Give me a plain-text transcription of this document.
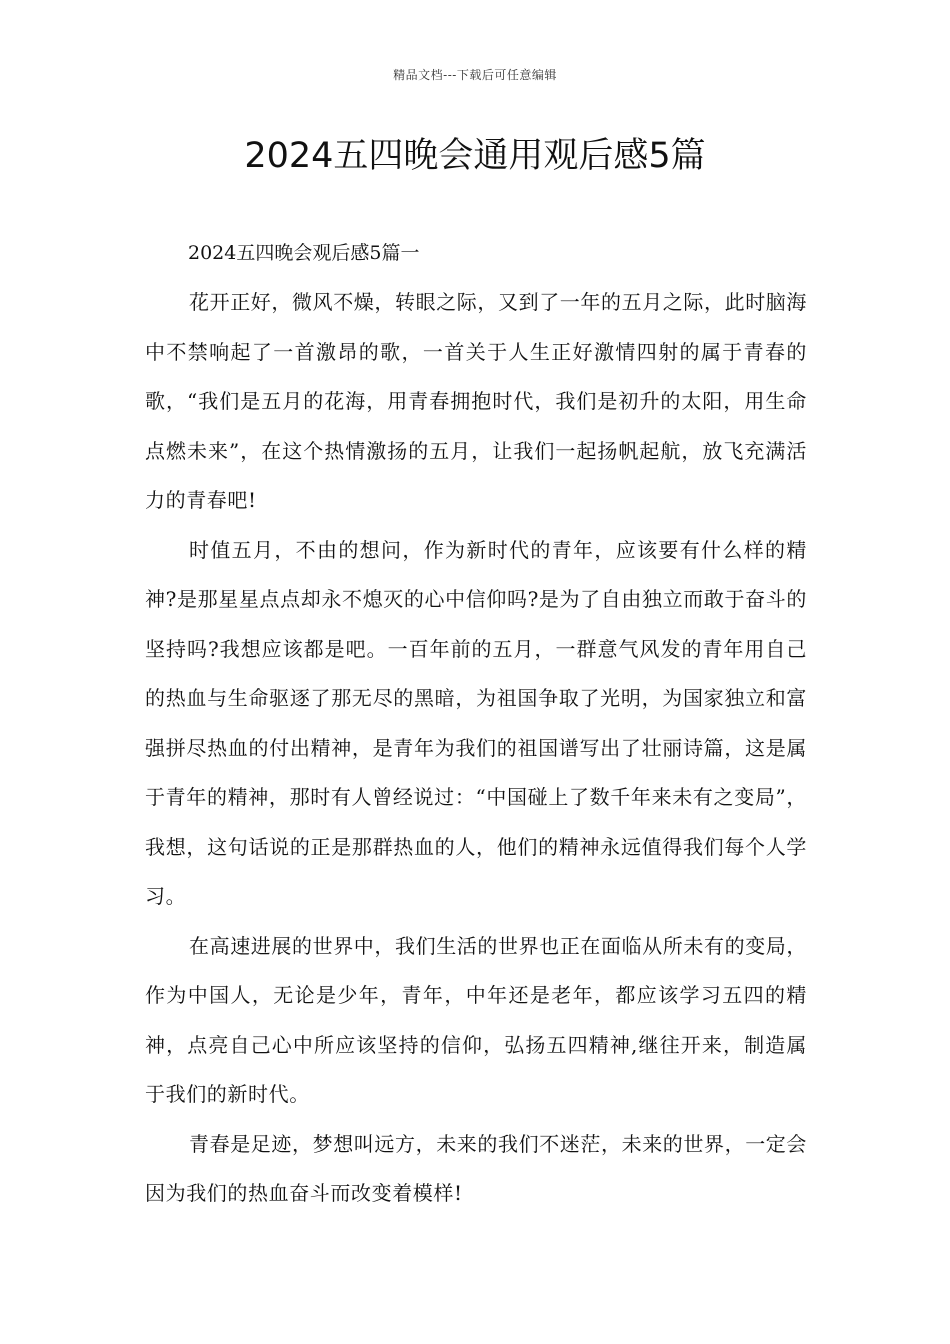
精品文档---下载后可任意编辑
2024五四晚会通用观后感5篇

2024五四晚会观后感5篇一

花开正好，微风不燥，转眼之际，又到了一年的五月之际，此时脑海中不禁响起了一首激昂的歌，一首关于人生正好激情四射的属于青春的歌，“我们是五月的花海，用青春拥抱时代，我们是初升的太阳，用生命点燃未来”，在这个热情激扬的五月，让我们一起扬帆起航，放飞充满活力的青春吧!

时值五月，不由的想问，作为新时代的青年，应该要有什么样的精神?是那星星点点却永不熄灭的心中信仰吗?是为了自由独立而敢于奋斗的坚持吗?我想应该都是吧。一百年前的五月，一群意气风发的青年用自己的热血与生命驱逐了那无尽的黑暗，为祖国争取了光明，为国家独立和富强拼尽热血的付出精神，是青年为我们的祖国谱写出了壮丽诗篇，这是属于青年的精神，那时有人曾经说过：“中国碰上了数千年来未有之变局”，我想，这句话说的正是那群热血的人，他们的精神永远值得我们每个人学习。

在高速进展的世界中，我们生活的世界也正在面临从所未有的变局，作为中国人，无论是少年，青年，中年还是老年，都应该学习五四的精神，点亮自己心中所应该坚持的信仰，弘扬五四精神,继往开来，制造属于我们的新时代。

青春是足迹，梦想叫远方，未来的我们不迷茫，未来的世界，一定会因为我们的热血奋斗而改变着模样!
